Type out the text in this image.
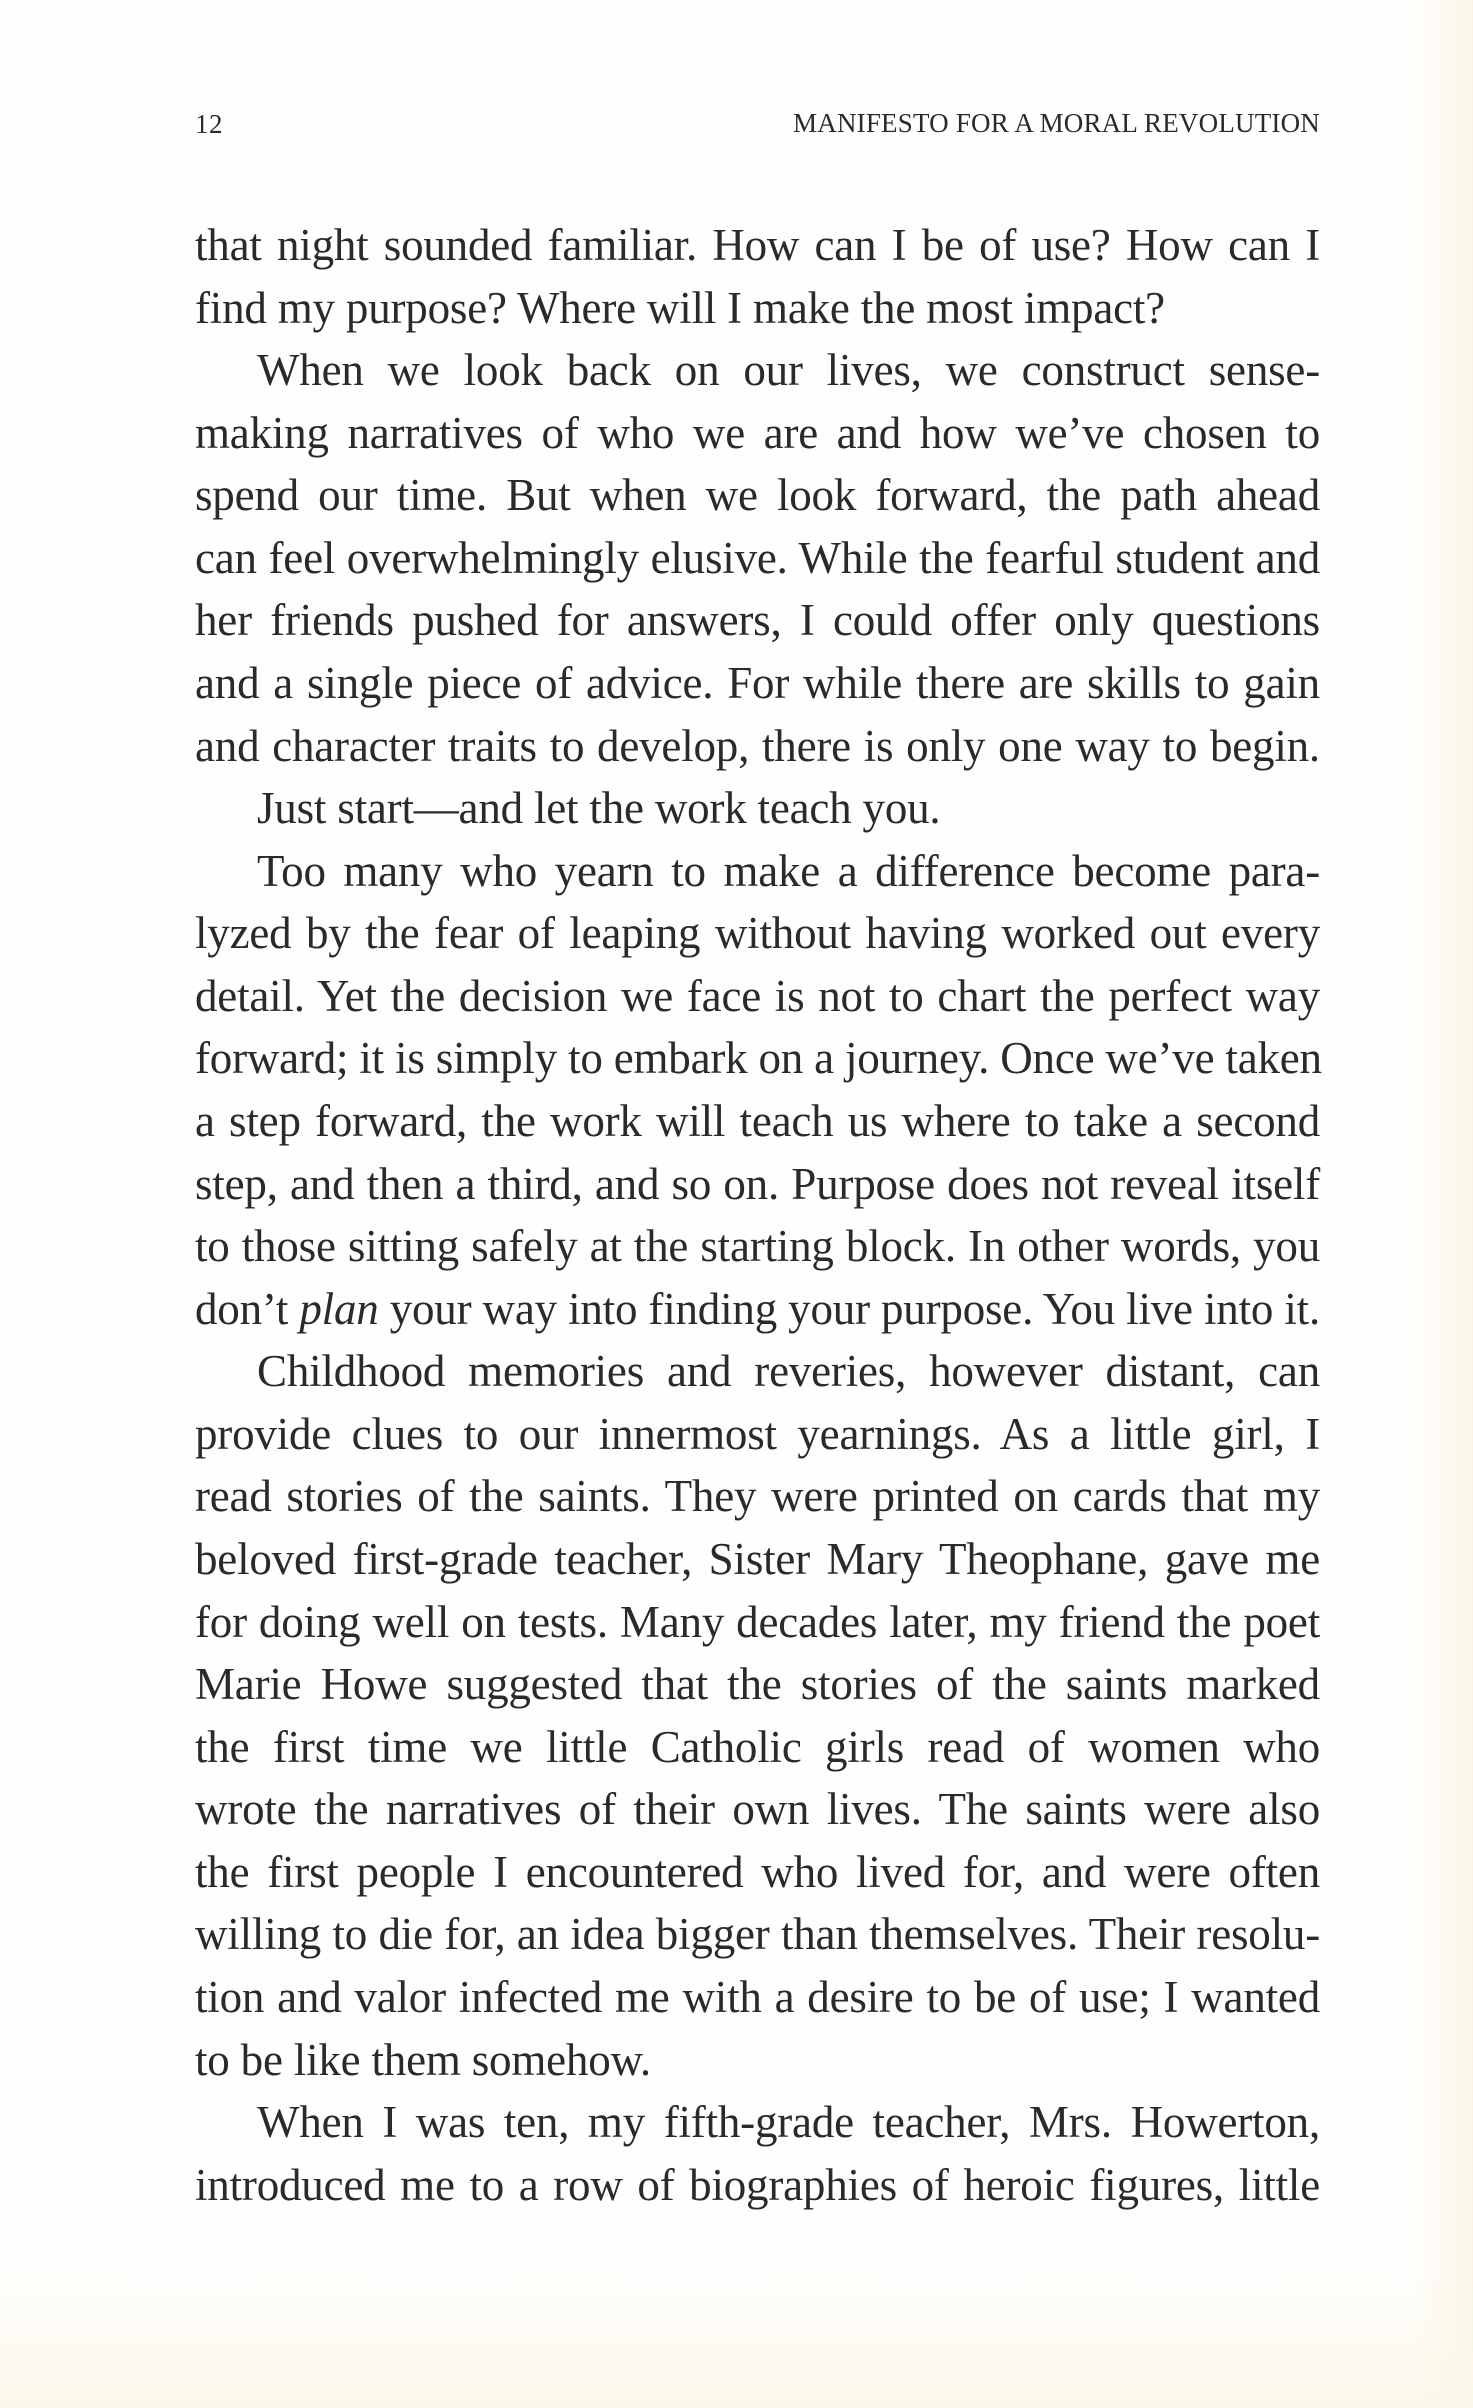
12	MANIFESTO FOR A MORAL REVOLUTION
that night sounded familiar. How can I be of use? How can I
find my purpose? Where will I make the most impact?
When we look back on our lives, we construct sense-
making narratives of who we are and how we’ve chosen to
spend our time. But when we look forward, the path ahead
can feel overwhelmingly elusive. While the fearful student and
her friends pushed for answers, I could offer only questions
and a single piece of advice. For while there are skills to gain
and character traits to develop, there is only one way to begin.
Just start—and let the work teach you.
Too many who yearn to make a difference become para-
lyzed by the fear of leaping without having worked out every
detail. Yet the decision we face is not to chart the perfect way
forward; it is simply to embark on a journey. Once we’ve taken
a step forward, the work will teach us where to take a second
step, and then a third, and so on. Purpose does not reveal itself
to those sitting safely at the starting block. In other words, you
don’t plan your way into finding your purpose. You live into it.
Childhood memories and reveries, however distant, can
provide clues to our innermost yearnings. As a little girl, I
read stories of the saints. They were printed on cards that my
beloved first-grade teacher, Sister Mary Theophane, gave me
for doing well on tests. Many decades later, my friend the poet
Marie Howe suggested that the stories of the saints marked
the first time we little Catholic girls read of women who
wrote the narratives of their own lives. The saints were also
the first people I encountered who lived for, and were often
willing to die for, an idea bigger than themselves. Their resolu-
tion and valor infected me with a desire to be of use; I wanted
to be like them somehow.
When I was ten, my fifth-grade teacher, Mrs. Howerton,
introduced me to a row of biographies of heroic figures, little
